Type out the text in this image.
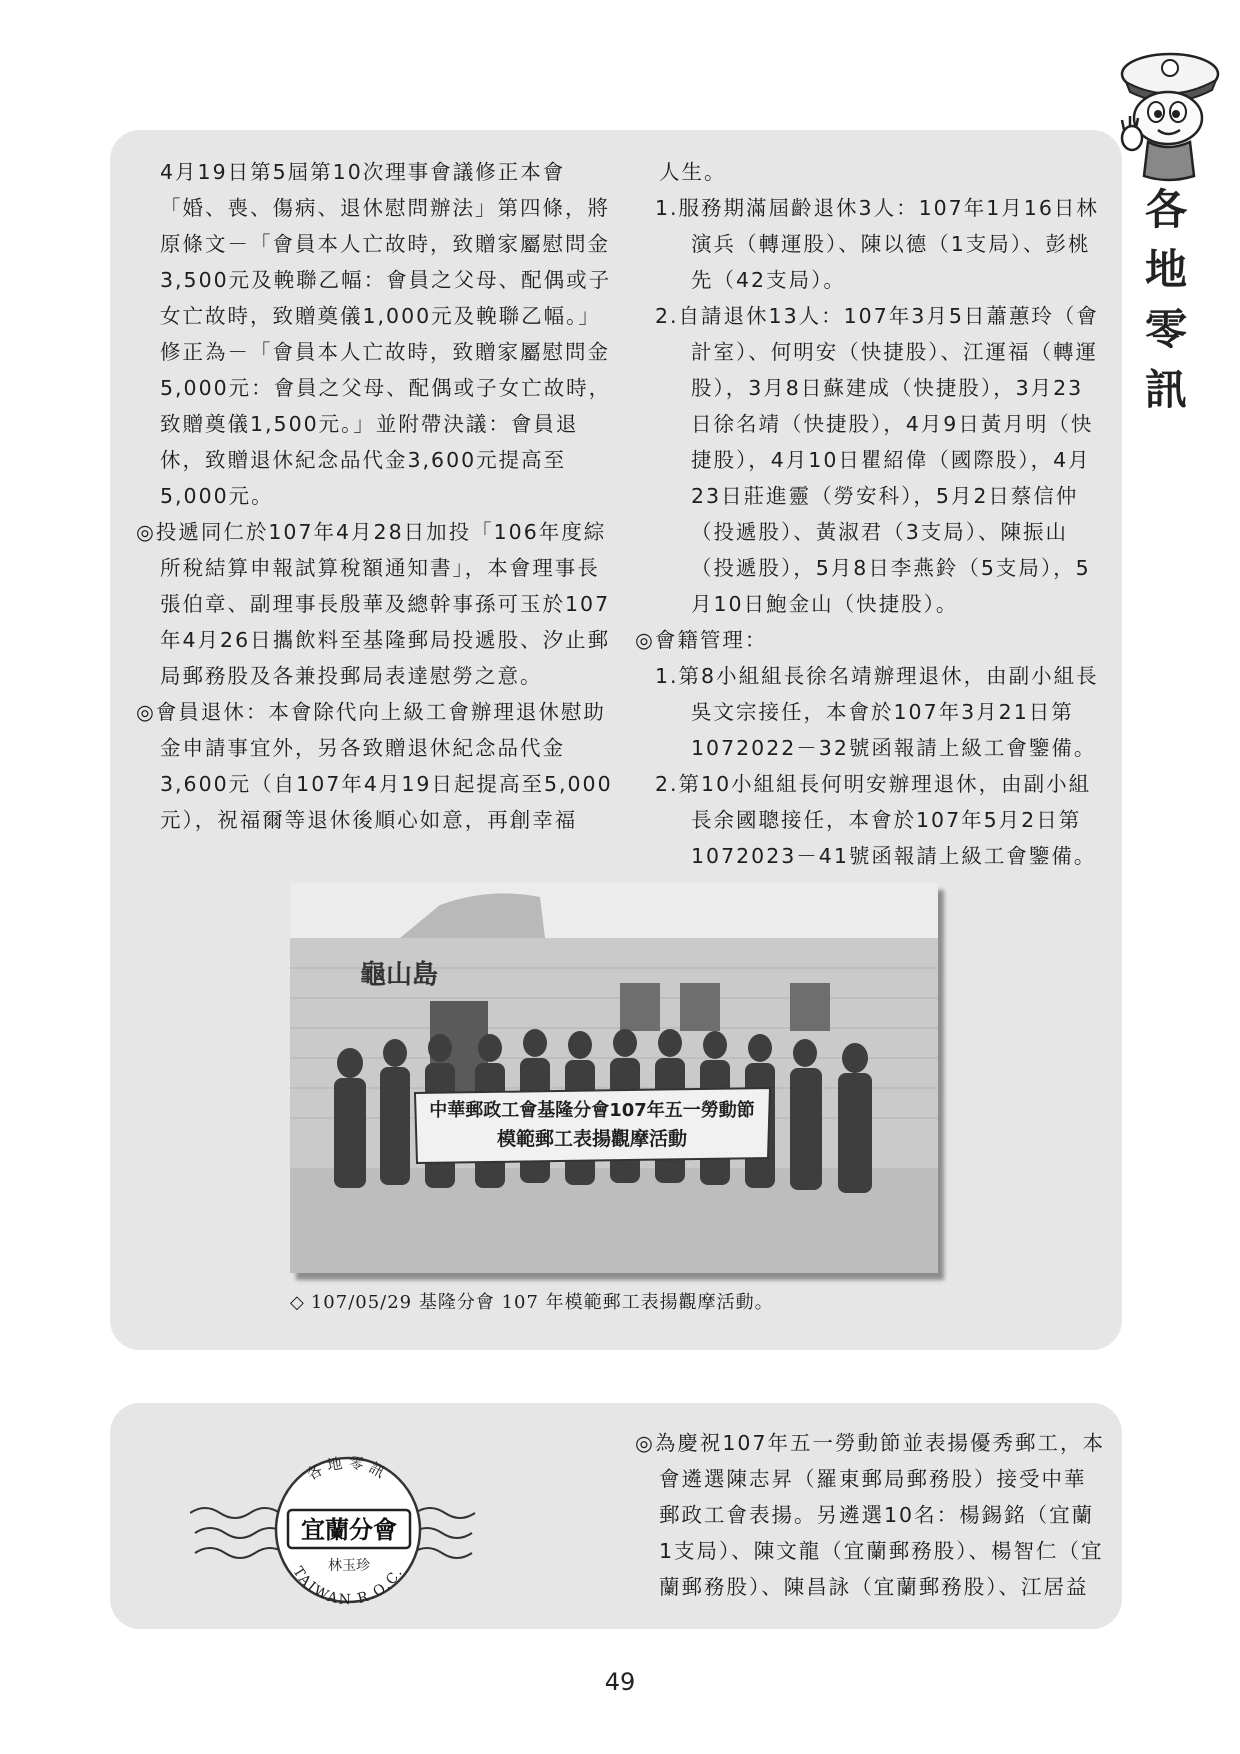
各
地
零
訊

4月19日第5屆第10次理事會議修正本會「婚、喪、傷病、退休慰問辦法」第四條，將原條文－「會員本人亡故時，致贈家屬慰問金3,500元及輓聯乙幅：會員之父母、配偶或子女亡故時，致贈奠儀1,000元及輓聯乙幅。」修正為－「會員本人亡故時，致贈家屬慰問金5,000元：會員之父母、配偶或子女亡故時，致贈奠儀1,500元。」並附帶決議：會員退休，致贈退休紀念品代金3,600元提高至5,000元。

◎投遞同仁於107年4月28日加投「106年度綜所稅結算申報試算稅額通知書」，本會理事長張伯章、副理事長殷華及總幹事孫可玉於107年4月26日攜飲料至基隆郵局投遞股、汐止郵局郵務股及各兼投郵局表達慰勞之意。

◎會員退休：本會除代向上級工會辦理退休慰助金申請事宜外，另各致贈退休紀念品代金3,600元（自107年4月19日起提高至5,000元），祝福爾等退休後順心如意，再創幸福

人生。

1.服務期滿屆齡退休3人：107年1月16日林演兵（轉運股）、陳以德（1支局）、彭桃先（42支局）。

2.自請退休13人：107年3月5日蕭蕙玲（會計室）、何明安（快捷股）、江運福（轉運股），3月8日蘇建成（快捷股），3月23日徐名靖（快捷股），4月9日黃月明（快捷股），4月10日瞿紹偉（國際股），4月23日莊進靈（勞安科），5月2日蔡信仲（投遞股）、黃淑君（3支局）、陳振山（投遞股），5月8日李燕鈴（5支局），5月10日鮑金山（快捷股）。

◎會籍管理：

1.第8小組組長徐名靖辦理退休，由副小組長吳文宗接任，本會於107年3月21日第1072022－32號函報請上級工會鑒備。

2.第10小組組長何明安辦理退休，由副小組長余國聰接任，本會於107年5月2日第1072023－41號函報請上級工會鑒備。

龜山島
中華郵政工會基隆分會107年五一勞動節
模範郵工表揚觀摩活動
◇ 107/05/29 基隆分會 107 年模範郵工表揚觀摩活動。
各地零訊
宜蘭分會
林玉珍
TAIWAN R.O.C.

◎為慶祝107年五一勞動節並表揚優秀郵工，本會遴選陳志昇（羅東郵局郵務股）接受中華郵政工會表揚。另遴選10名：楊錫銘（宜蘭1支局）、陳文龍（宜蘭郵務股）、楊智仁（宜蘭郵務股）、陳昌詠（宜蘭郵務股）、江居益

49
